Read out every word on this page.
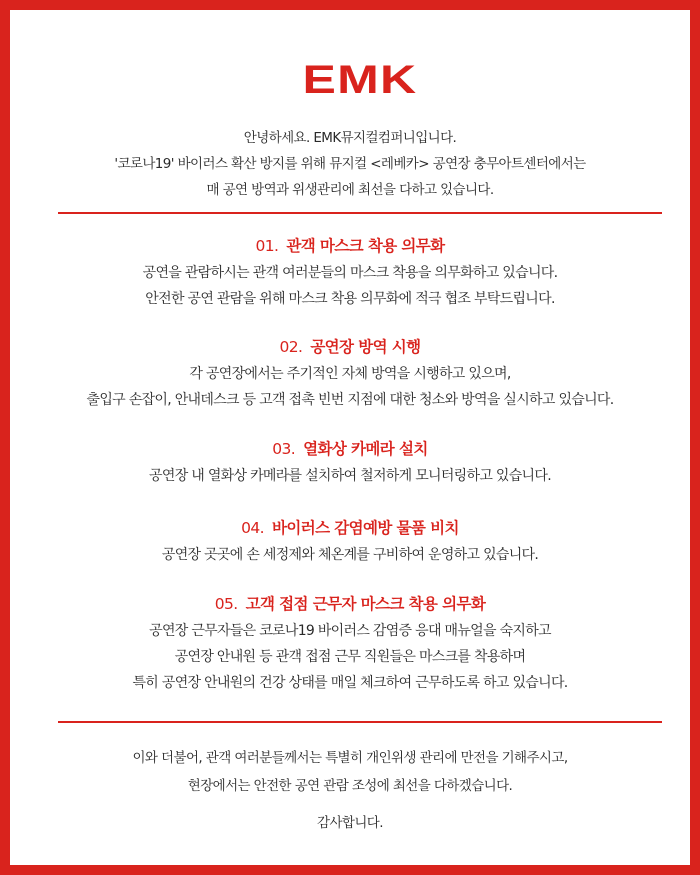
EMK
안녕하세요. EMK뮤지컬컴퍼니입니다.
'코로나19' 바이러스 확산 방지를 위해 뮤지컬 <레베카> 공연장 충무아트센터에서는
매 공연 방역과 위생관리에 최선을 다하고 있습니다.
01. 관객 마스크 착용 의무화
공연을 관람하시는 관객 여러분들의 마스크 착용을 의무화하고 있습니다.
안전한 공연 관람을 위해 마스크 착용 의무화에 적극 협조 부탁드립니다.
02. 공연장 방역 시행
각 공연장에서는 주기적인 자체 방역을 시행하고 있으며,
출입구 손잡이, 안내데스크 등 고객 접촉 빈번 지점에 대한 청소와 방역을 실시하고 있습니다.
03. 열화상 카메라 설치
공연장 내 열화상 카메라를 설치하여 철저하게 모니터링하고 있습니다.
04. 바이러스 감염예방 물품 비치
공연장 곳곳에 손 세정제와 체온계를 구비하여 운영하고 있습니다.
05. 고객 접점 근무자 마스크 착용 의무화
공연장 근무자들은 코로나19 바이러스 감염증 응대 매뉴얼을 숙지하고
공연장 안내원 등 관객 접점 근무 직원들은 마스크를 착용하며
특히 공연장 안내원의 건강 상태를 매일 체크하여 근무하도록 하고 있습니다.
이와 더불어, 관객 여러분들께서는 특별히 개인위생 관리에 만전을 기해주시고,
현장에서는 안전한 공연 관람 조성에 최선을 다하겠습니다.
감사합니다.
